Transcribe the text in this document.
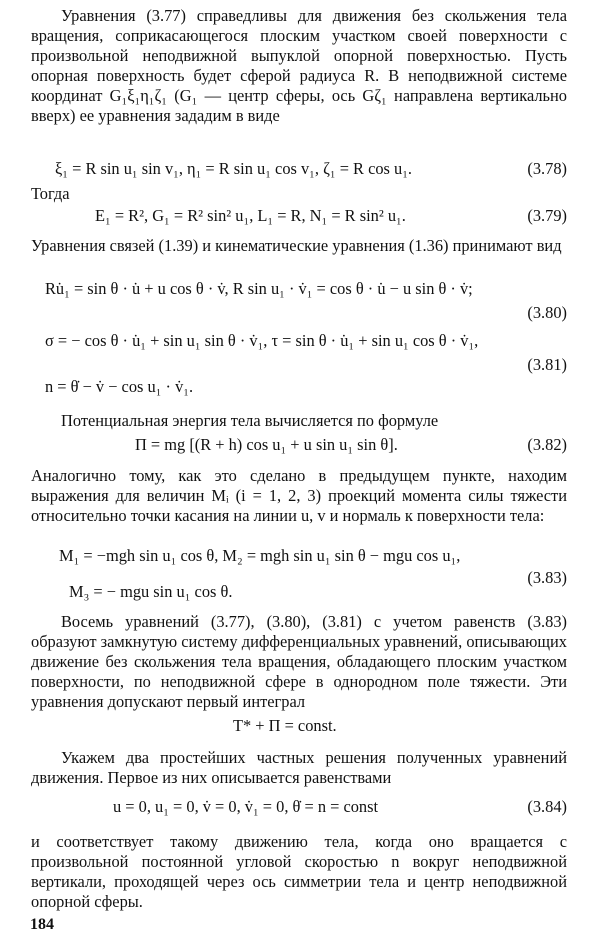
Уравнения (3.77) справедливы для движения без скольжения тела вращения, соприкасающегося плоским участком своей поверхности с произвольной неподвижной выпуклой опорной поверхностью. Пусть опорная поверхность будет сферой радиуса R. В неподвижной системе координат G₁ξ₁η₁ζ₁ (G₁ — центр сферы, ось Gζ₁ направлена вертикально вверх) ее уравнения зададим в виде
ξ₁ = R sin u₁ sin v₁, η₁ = R sin u₁ cos v₁, ζ₁ = R cos u₁.	(3.78)
Тогда
E₁ = R², G₁ = R² sin² u₁, L₁ = R, N₁ = R sin² u₁.	(3.79)
Уравнения связей (1.39) и кинематические уравнения (1.36) принимают вид
Ru̇₁ = sin θ · u̇ + u cos θ · v̇, R sin u₁ · v̇₁ = cos θ · u̇ − u sin θ · v̇;
(3.80)
σ = − cos θ · u̇₁ + sin u₁ sin θ · v̇₁, τ = sin θ · u̇₁ + sin u₁ cos θ · v̇₁,
(3.81)
n = θ̇ − v̇ − cos u₁ · v̇₁.
Потенциальная энергия тела вычисляется по формуле
Π = mg [(R + h) cos u₁ + u sin u₁ sin θ].	(3.82)
Аналогично тому, как это сделано в предыдущем пункте, находим выражения для величин Mᵢ (i = 1, 2, 3) проекций момента силы тяжести относительно точки касания на линии u, v и нормаль к поверхности тела:
M₁ = −mgh sin u₁ cos θ, M₂ = mgh sin u₁ sin θ − mgu cos u₁,
(3.83)
M₃ = − mgu sin u₁ cos θ.
Восемь уравнений (3.77), (3.80), (3.81) с учетом равенств (3.83) образуют замкнутую систему дифференциальных уравнений, описывающих движение без скольжения тела вращения, обладающего плоским участком поверхности, по неподвижной сфере в однородном поле тяжести. Эти уравнения допускают первый интеграл
T* + Π = const.
Укажем два простейших частных решения полученных уравнений движения. Первое из них описывается равенствами
u = 0, u₁ = 0, v̇ = 0, v̇₁ = 0, θ̇ = n = const	(3.84)
и соответствует такому движению тела, когда оно вращается с произвольной постоянной угловой скоростью n вокруг неподвижной вертикали, проходящей через ось симметрии тела и центр неподвижной опорной сферы.
184
